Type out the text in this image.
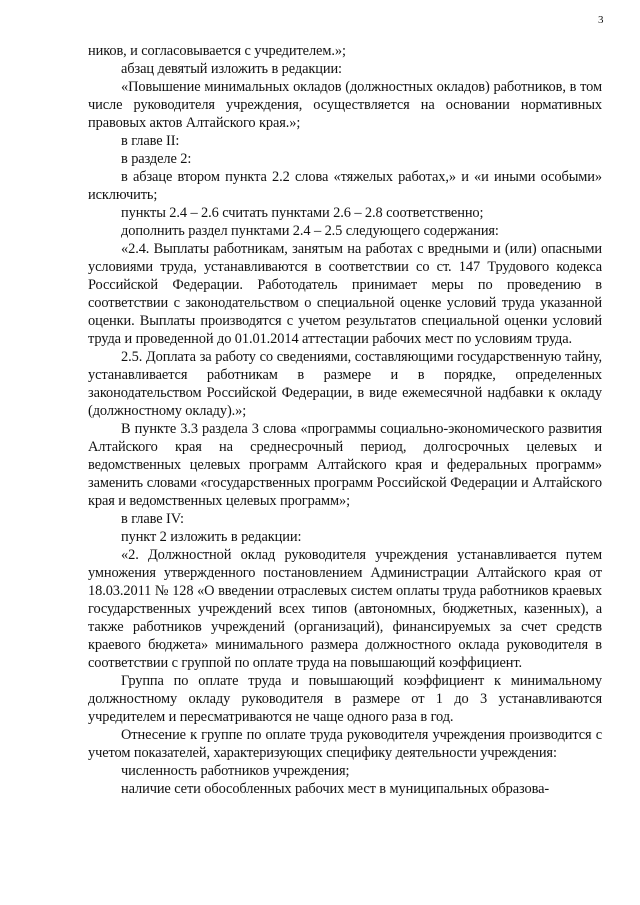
3

ников, и согласовывается с учредителем.»;

абзац девятый изложить в редакции:

«Повышение минимальных окладов (должностных окладов) работников, в том числе руководителя учреждения, осуществляется на основании нормативных правовых актов Алтайского края.»;

в главе II:

в разделе 2:

в абзаце втором пункта 2.2 слова «тяжелых работах,» и «и иными особыми» исключить;

пункты 2.4 – 2.6 считать пунктами 2.6 – 2.8 соответственно;

дополнить раздел пунктами 2.4 – 2.5 следующего содержания:

«2.4. Выплаты работникам, занятым на работах с вредными и (или) опасными условиями труда, устанавливаются в соответствии со ст. 147 Трудового кодекса Российской Федерации. Работодатель принимает меры по проведению в соответствии с законодательством о специальной оценке условий труда указанной оценки. Выплаты производятся с учетом результатов специальной оценки условий труда и проведенной до 01.01.2014 аттестации рабочих мест по условиям труда.

2.5. Доплата за работу со сведениями, составляющими государственную тайну, устанавливается работникам в размере и в порядке, определенных законодательством Российской Федерации, в виде ежемесячной надбавки к окладу (должностному окладу).»;

В пункте 3.3 раздела 3 слова «программы социально-экономического развития Алтайского края на среднесрочный период, долгосрочных целевых и ведомственных целевых программ Алтайского края и федеральных программ» заменить словами «государственных программ Российской Федерации и Алтайского края и ведомственных целевых программ»;

в главе IV:

пункт 2 изложить в редакции:

«2. Должностной оклад руководителя учреждения устанавливается путем умножения утвержденного постановлением Администрации Алтайского края от 18.03.2011 № 128 «О введении отраслевых систем оплаты труда работников краевых государственных учреждений всех типов (автономных, бюджетных, казенных), а также работников учреждений (организаций), финансируемых за счет средств краевого бюджета» минимального размера должностного оклада руководителя в соответствии с группой по оплате труда на повышающий коэффициент.

Группа по оплате труда и повышающий коэффициент к минимальному должностному окладу руководителя в размере от 1 до 3 устанавливаются учредителем и пересматриваются не чаще одного раза в год.

Отнесение к группе по оплате труда руководителя учреждения производится с учетом показателей, характеризующих специфику деятельности учреждения:

численность работников учреждения;

наличие сети обособленных рабочих мест в муниципальных образова-
